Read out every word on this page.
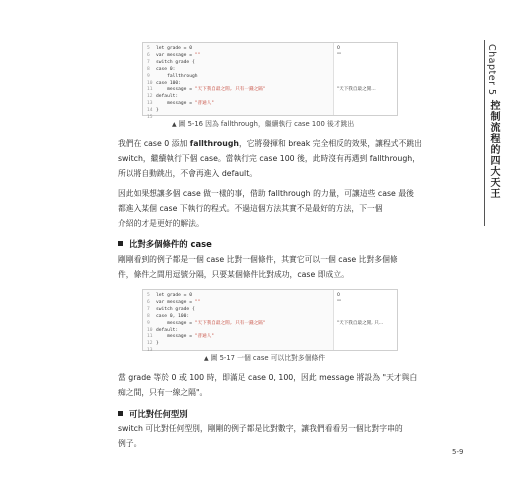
Chapter 5
控制流程的四大天王
5 let grade = 0
6 var message = ""
7 switch grade {
8 case 0:
9    fallthrough
10 case 100:
11    message = "天下我自最之閒, 只有一錢之隔"
12 default:
13    message = "普通人"
14 }
15
0
""

"天下我自最之閒...

▲ 圖 5-16 因為 fallthrough，繼續執行 case 100 後才跳出

我們在 case 0 添加 fallthrough，它將發揮和 break 完全相反的效果，讓程式不跳出

switch，繼續執行下個 case。當執行完 case 100 後，此時沒有再遇到 fallthrough，

所以將自動跳出，不會再進入 default。

因此如果想讓多個 case 做一樣的事，借助 fallthrough 的力量，可讓這些 case 最後

都進入某個 case 下執行的程式。不過這個方法其實不是最好的方法，下一個

介紹的才是更好的解法。

比對多個條件的 case

剛剛看到的例子都是一個 case 比對一個條件，其實它可以一個 case 比對多個條

件，條件之間用逗號分隔，只要某個條件比對成功，case 即成立。

5 let grade = 0
6 var message = ""
7 switch grade {
8 case 0, 100:
9    message = "天下我自最之閒, 只有一錢之隔"
10 default:
11    message = "普通人"
12 }
13
0
""

"天下我自最之閒, 只...

▲ 圖 5-17 一個 case 可以比對多個條件

當 grade 等於 0 或 100 時，即滿足 case 0, 100，因此 message 將設為 "天才與白

痴之間，只有一線之隔"。

可比對任何型別

switch 可比對任何型別，剛剛的例子都是比對數字，讓我們看看另一個比對字串的

例子。

5-9
